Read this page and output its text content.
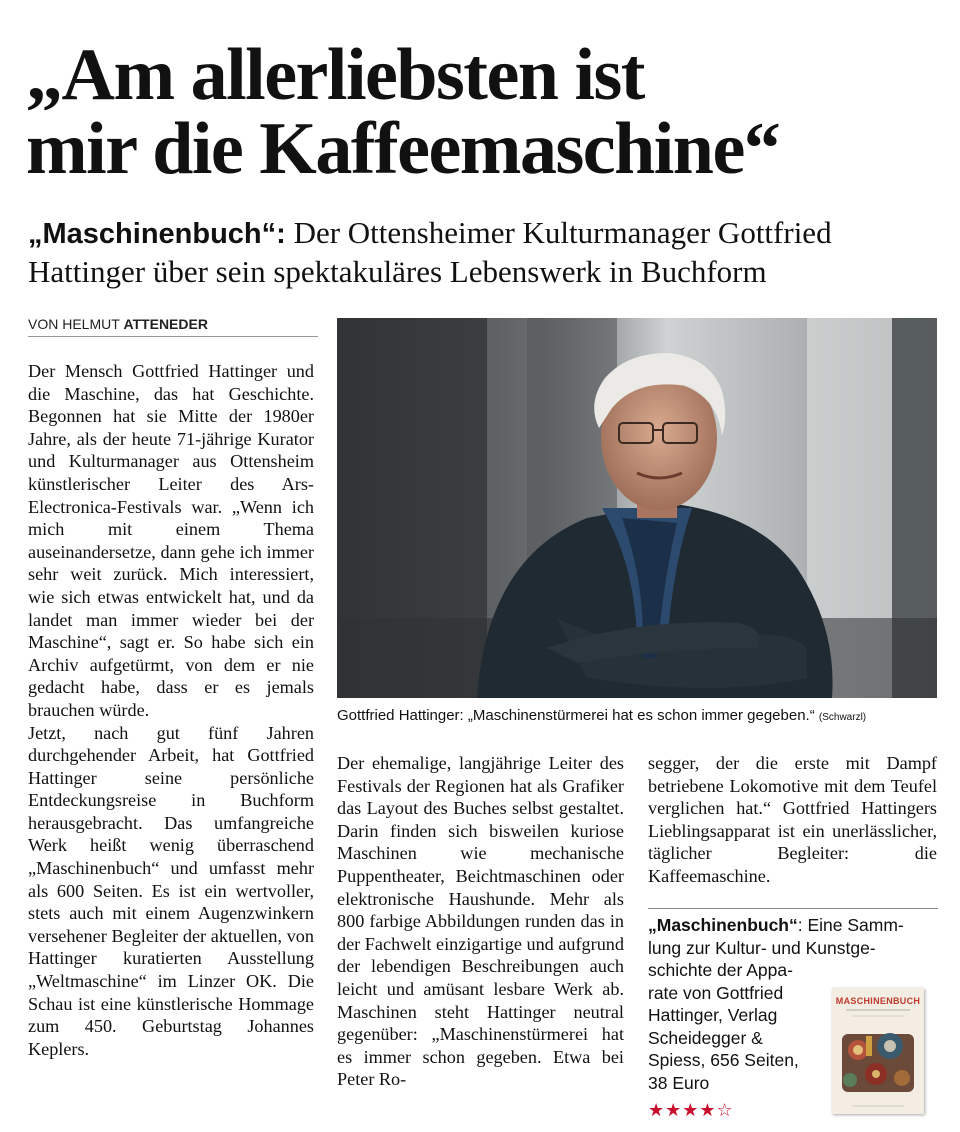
„Am allerliebsten ist
mir die Kaffeemaschine“

„Maschinenbuch“: Der Ottensheimer Kulturmanager Gottfried Hattinger über sein spektakuläres Lebenswerk in Buchform

VON HELMUT ATTENEDER

Der Mensch Gottfried Hattinger und die Maschine, das hat Geschichte. Begonnen hat sie Mitte der 1980er Jahre, als der heute 71-jährige Kurator und Kulturmanager aus Ottensheim künstlerischer Leiter des Ars-Electronica-Festivals war. „Wenn ich mich mit einem Thema auseinandersetze, dann gehe ich immer sehr weit zurück. Mich interessiert, wie sich etwas entwickelt hat, und da landet man immer wieder bei der Maschine“, sagt er. So habe sich ein Archiv aufgetürmt, von dem er nie gedacht habe, dass er es jemals brauchen würde.

Jetzt, nach gut fünf Jahren durchgehender Arbeit, hat Gottfried Hattinger seine persönliche Entdeckungsreise in Buchform herausgebracht. Das umfangreiche Werk heißt wenig überraschend „Maschinenbuch“ und umfasst mehr als 600 Seiten. Es ist ein wertvoller, stets auch mit einem Augenzwinkern versehener Begleiter der aktuellen, von Hattinger kuratierten Ausstellung „Weltmaschine“ im Linzer OK. Die Schau ist eine künstlerische Hommage zum 450. Geburtstag Johannes Keplers.

Gottfried Hattinger: „Maschinenstürmerei hat es schon immer gegeben.“ (Schwarzl)

Der ehemalige, langjährige Leiter des Festivals der Regionen hat als Grafiker das Layout des Buches selbst gestaltet. Darin finden sich bisweilen kuriose Maschinen wie mechanische Puppentheater, Beichtmaschinen oder elektronische Haushunde. Mehr als 800 farbige Abbildungen runden das in der Fachwelt einzigartige und aufgrund der lebendigen Beschreibungen auch leicht und amüsant lesbare Werk ab. Maschinen steht Hattinger neutral gegenüber: „Maschinenstürmerei hat es immer schon gegeben. Etwa bei Peter Ro-

segger, der die erste mit Dampf betriebene Lokomotive mit dem Teufel verglichen hat.“ Gottfried Hattingers Lieblingsapparat ist ein unerlässlicher, täglicher Begleiter: die Kaffeemaschine.

„Maschinenbuch“: Eine Samm-
lung zur Kultur- und Kunstge-
schichte der Appa-
rate von Gottfried
Hattinger, Verlag
Scheidegger &
Spiess, 656 Seiten,
38 Euro
★★★★☆
MASCHINENBUCH
